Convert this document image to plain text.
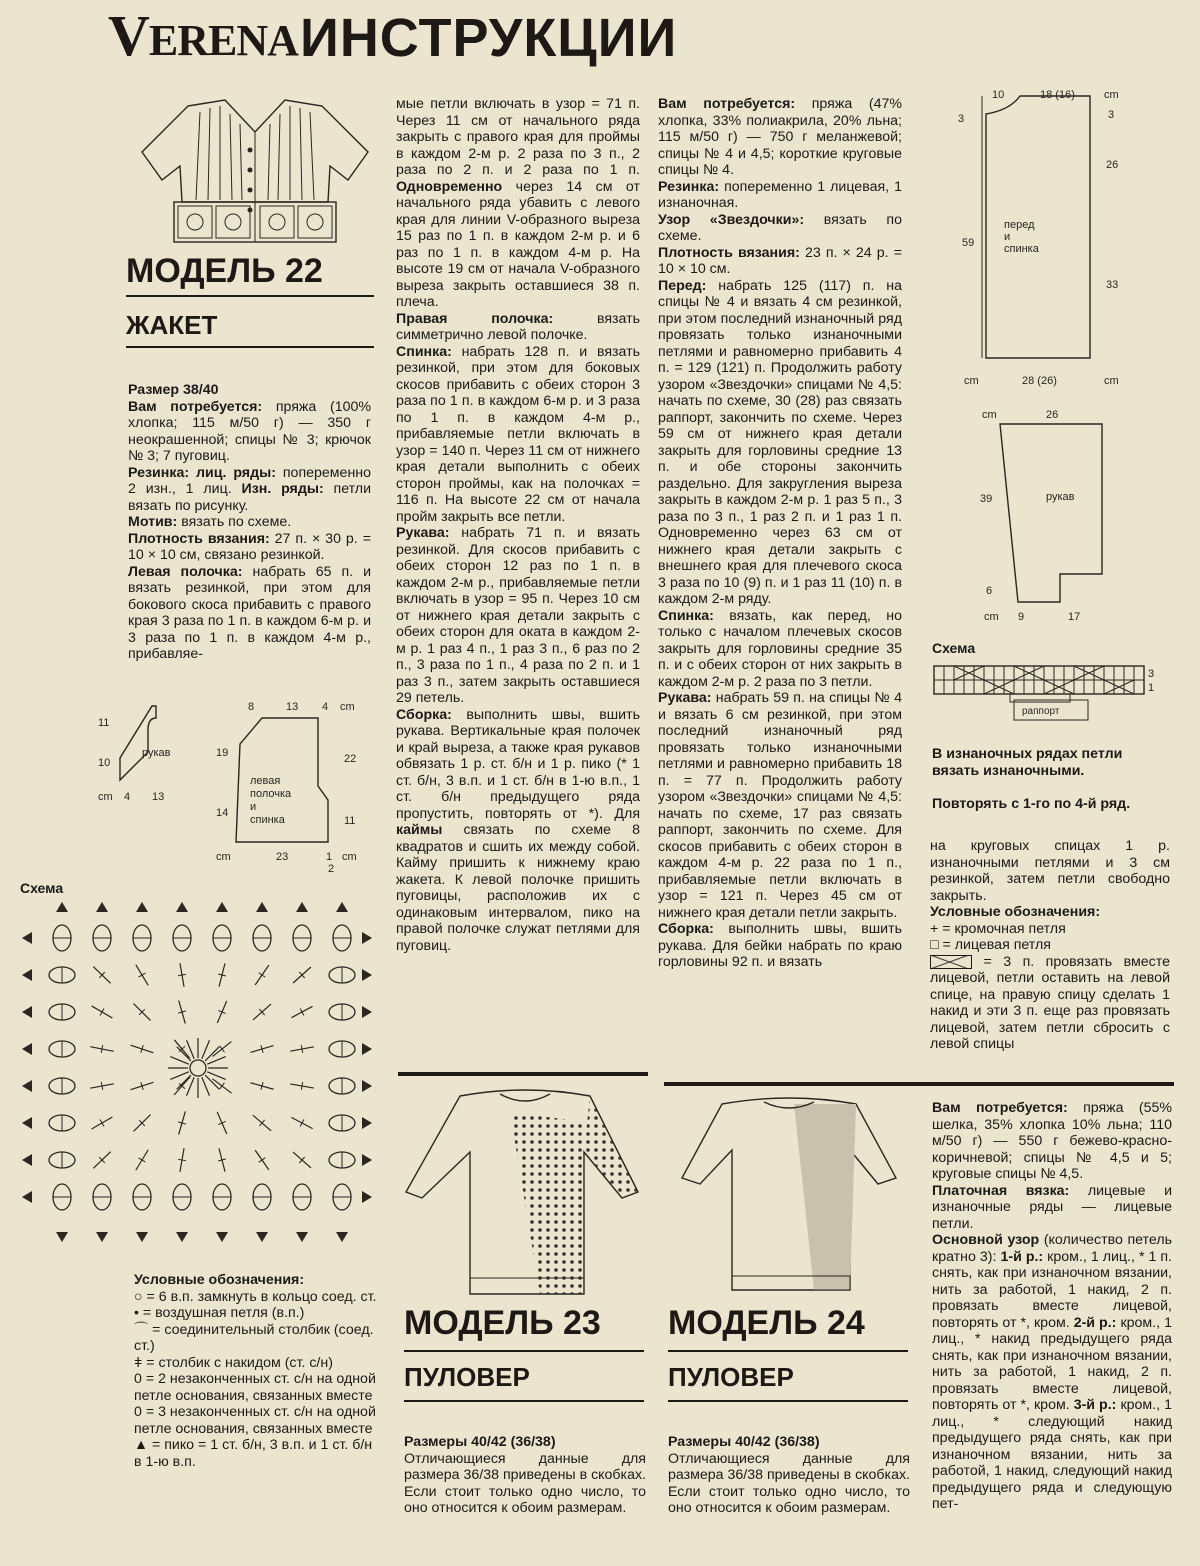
VERENA ИНСТРУКЦИИ
МОДЕЛЬ 22
ЖАКЕТ

Размер 38/40

Вам потребуется: пряжа (100% хлопка; 115 м/50 г) — 350 г неокрашенной; спицы № 3; крючок № 3; 7 пуговиц.

Резинка: лиц. ряды: попеременно 2 изн., 1 лиц. Изн. ряды: петли вязать по рисунку.

Мотив: вязать по схеме.

Плотность вязания: 27 п. × 30 р. = 10 × 10 см, связано резинкой.

Левая полочка: набрать 65 п. и вязать резинкой, при этом для бокового скоса прибавить с правого края 3 раза по 1 п. в каждом 6-м р. и 3 раза по 1 п. в каждом 4-м р., прибавляе-

рукав
11
10
cm 4 13
левая
полочка
и
спинка
8	13 4 cm
19	22
14
11
cm	23	1 cm
2
Схема

Условные обозначения:

○ = 6 в.п. замкнуть в кольцо соед. ст.

• = воздушная петля (в.п.)

⌒ = соединительный столбик (соед. ст.)

ǂ = столбик с накидом (ст. с/н)

0 = 2 незаконченных ст. с/н на одной петле основания, связанных вместе

0 = 3 незаконченных ст. с/н на одной петле основания, связанных вместе

▲ = пико = 1 ст. б/н, 3 в.п. и 1 ст. б/н в 1-ю в.п.

мые петли включать в узор = 71 п. Через 11 см от начального ряда закрыть с правого края для проймы в каждом 2-м р. 2 раза по 3 п., 2 раза по 2 п. и 2 раза по 1 п. Одновременно через 14 см от начального ряда убавить с левого края для линии V-образного выреза 15 раз по 1 п. в каждом 2-м р. и 6 раз по 1 п. в каждом 4-м р. На высоте 19 см от начала V-образного выреза закрыть оставшиеся 38 п. плеча.

Правая полочка: вязать симметрично левой полочке.

Спинка: набрать 128 п. и вязать резинкой, при этом для боковых скосов прибавить с обеих сторон 3 раза по 1 п. в каждом 6-м р. и 3 раза по 1 п. в каждом 4-м р., прибавляемые петли включать в узор = 140 п. Через 11 см от нижнего края детали выполнить с обеих сторон проймы, как на полочках = 116 п. На высоте 22 см от начала пройм закрыть все петли.

Рукава: набрать 71 п. и вязать резинкой. Для скосов прибавить с обеих сторон 12 раз по 1 п. в каждом 2-м р., прибавляемые петли включать в узор = 95 п. Через 10 см от нижнего края детали закрыть с обеих сторон для оката в каждом 2-м р. 1 раз 4 п., 1 раз 3 п., 6 раз по 2 п., 3 раза по 1 п., 4 раза по 2 п. и 1 раз 3 п., затем закрыть оставшиеся 29 петель.

Сборка: выполнить швы, вшить рукава. Вертикальные края полочек и край выреза, а также края рукавов обвязать 1 р. ст. б/н и 1 р. пико (* 1 ст. б/н, 3 в.п. и 1 ст. б/н в 1-ю в.п., 1 ст. б/н предыдущего ряда пропустить, повторять от *). Для каймы связать по схеме 8 квадратов и сшить их между собой. Кайму пришить к нижнему краю жакета. К левой полочке пришить пуговицы, расположив их с одинаковым интервалом, пико на правой полочке служат петлями для пуговиц.

Вам потребуется: пряжа (47% хлопка, 33% полиакрила, 20% льна; 115 м/50 г) — 750 г меланжевой; спицы № 4 и 4,5; короткие круговые спицы № 4.

Резинка: попеременно 1 лицевая, 1 изнаночная.

Узор «Звездочки»: вязать по схеме.

Плотность вязания: 23 п. × 24 р. = 10 × 10 см.

Перед: набрать 125 (117) п. на спицы № 4 и вязать 4 см резинкой, при этом последний изнаночный ряд провязать только изнаночными петлями и равномерно прибавить 4 п. = 129 (121) п. Продолжить работу узором «Звездочки» спицами № 4,5: начать по схеме, 30 (28) раз связать раппорт, закончить по схеме. Через 59 см от нижнего края детали закрыть для горловины средние 13 п. и обе стороны закончить раздельно. Для закругления выреза закрыть в каждом 2-м р. 1 раз 5 п., 3 раза по 3 п., 1 раз 2 п. и 1 раз 1 п. Одновременно через 63 см от нижнего края детали закрыть с внешнего края для плечевого скоса 3 раза по 10 (9) п. и 1 раз 11 (10) п. в каждом 2-м ряду.

Спинка: вязать, как перед, но только с началом плечевых скосов закрыть для горловины средние 35 п. и с обеих сторон от них закрыть в каждом 2-м р. 2 раза по 3 петли.

Рукава: набрать 59 п. на спицы № 4 и вязать 6 см резинкой, при этом последний изнаночный ряд провязать только изнаночными петлями и равномерно прибавить 18 п. = 77 п. Продолжить работу узором «Звездочки» спицами № 4,5: начать по схеме, 17 раз связать раппорт, закончить по схеме. Для скосов прибавить с обеих сторон в каждом 4-м р. 22 раза по 1 п., прибавляемые петли включать в узор = 121 п. Через 45 см от нижнего края детали петли закрыть.

Сборка: выполнить швы, вшить рукава. Для бейки набрать по краю горловины 92 п. и вязать

10	18 (16)	cm
3	3
26
59
33
cm	28 (26)	cm
перед
и
спинка
cm	26
39
6
cm 9	17
рукав
Схема
раппорт
3
1
В изнаночных рядах петли вязать изнаночными.
Повторять с 1-го по 4-й ряд.

на круговых спицах 1 р. изнаночными петлями и 3 см резинкой, затем петли свободно закрыть.

Условные обозначения:

+ = кромочная петля

□ = лицевая петля

= 3 п. провязать вместе лицевой, петли оставить на левой спице, на правую спицу сделать 1 накид и эти 3 п. еще раз провязать лицевой, затем петли сбросить с левой спицы

МОДЕЛЬ 23
ПУЛОВЕР

Размеры 40/42 (36/38)

Отличающиеся данные для размера 36/38 приведены в скобках. Если стоит только одно число, то оно относится к обоим размерам.

МОДЕЛЬ 24
ПУЛОВЕР

Размеры 40/42 (36/38)

Отличающиеся данные для размера 36/38 приведены в скобках. Если стоит только одно число, то оно относится к обоим размерам.

Вам потребуется: пряжа (55% шелка, 35% хлопка 10% льна; 110 м/50 г) — 550 г бежево-красно-коричневой; спицы № 4,5 и 5; круговые спицы № 4,5.

Платочная вязка: лицевые и изнаночные ряды — лицевые петли.

Основной узор (количество петель кратно 3): 1-й р.: кром., 1 лиц., * 1 п. снять, как при изнаночном вязании, нить за работой, 1 накид, 2 п. провязать вместе лицевой, повторять от *, кром. 2-й р.: кром., 1 лиц., * накид предыдущего ряда снять, как при изнаночном вязании, нить за работой, 1 накид, 2 п. провязать вместе лицевой, повторять от *, кром. 3-й р.: кром., 1 лиц., * следующий накид предыдущего ряда снять, как при изнаночном вязании, нить за работой, 1 накид, следующий накид предыдущего ряда и следующую пет-
